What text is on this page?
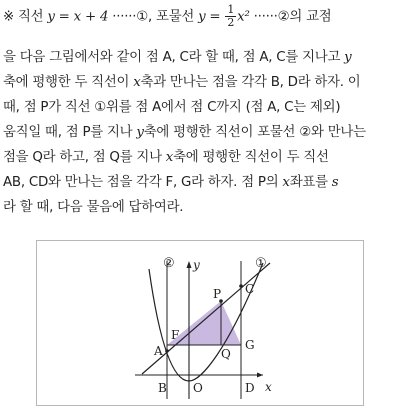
※ 직선 y = x + 4 ······①, 포물선 $y = \frac{1}{2} x^2$ ······②의 교점
을 다음 그림에서와 같이 점 A, C라 할 때, 점 A, C를 지나고 y
축에 평행한 두 직선이 x축과 만나는 점을 각각 B, D라 하자. 이
때, 점 P가 직선 ①위를 점 A에서 점 C까지 (점 A, C는 제외)
움직일 때, 점 P를 지나 y축에 평행한 직선이 포물선 ②와 만나는
점을 Q라 하고, 점 Q를 지나 x축에 평행한 직선이 두 직선
AB, CD와 만나는 점을 각각 F, G라 하자. 점 P의 x좌표를 s
라 할 때, 다음 물음에 답하여라.
②	①
y
x
O
A
B
C
D
F
G
P
Q
